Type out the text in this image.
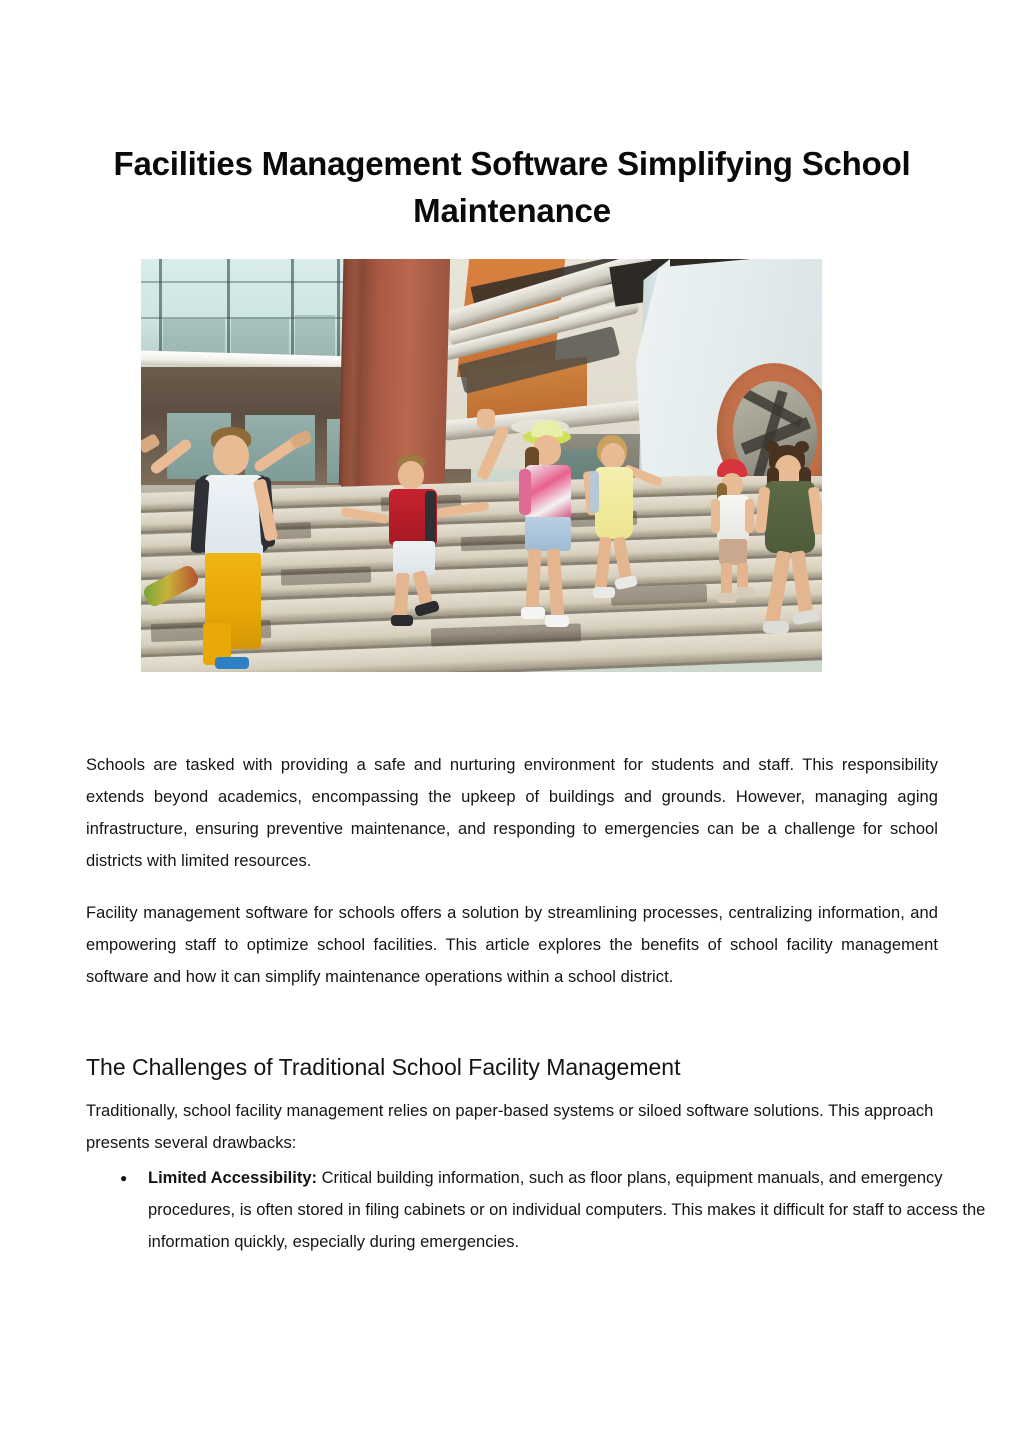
Facilities Management Software Simplifying School Maintenance

Schools are tasked with providing a safe and nurturing environment for students and staff. This responsibility extends beyond academics, encompassing the upkeep of buildings and grounds. However, managing aging infrastructure, ensuring preventive maintenance, and responding to emergencies can be a challenge for school districts with limited resources.

Facility management software for schools offers a solution by streamlining processes, centralizing information, and empowering staff to optimize school facilities. This article explores the benefits of school facility management software and how it can simplify maintenance operations within a school district.

The Challenges of Traditional School Facility Management

Traditionally, school facility management relies on paper-based systems or siloed software solutions. This approach presents several drawbacks:

● Limited Accessibility: Critical building information, such as floor plans, equipment manuals, and emergency procedures, is often stored in filing cabinets or on individual computers. This makes it difficult for staff to access the information quickly, especially during emergencies.
